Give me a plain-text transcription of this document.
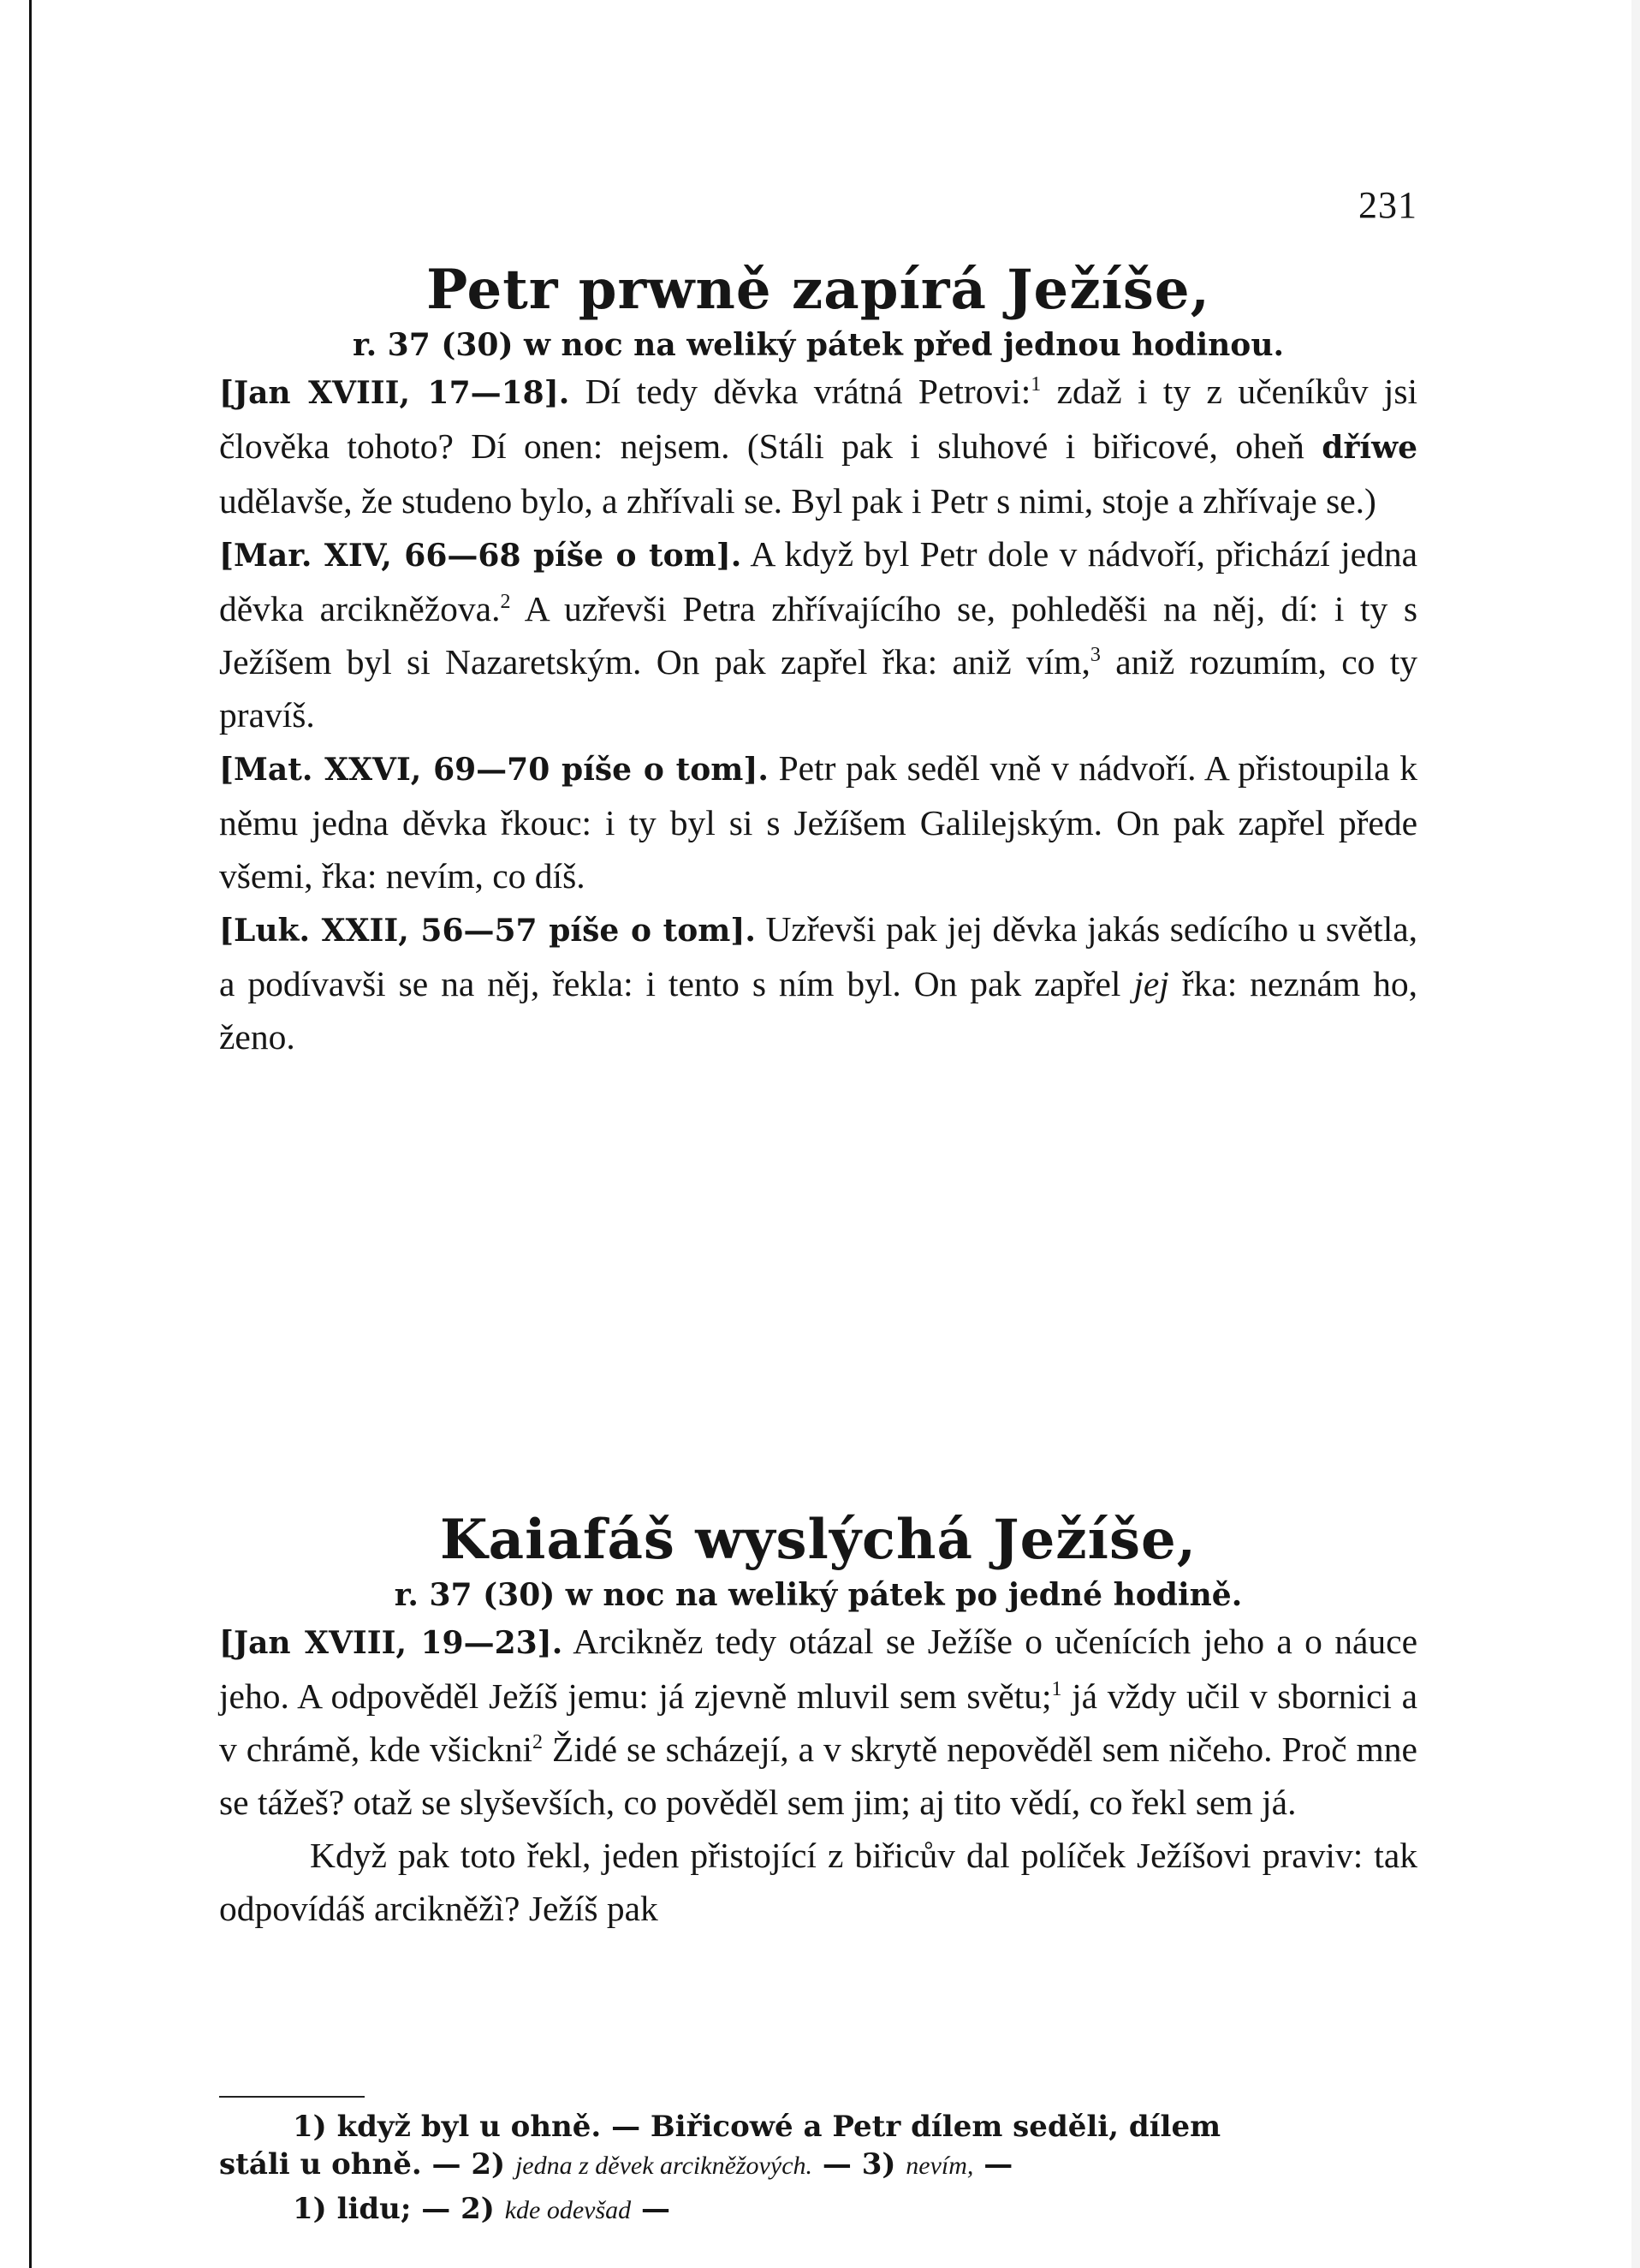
231
Petr prwně zapírá Ježíše,
r. 37 (30) w noc na weliký pátek před jednou hodinou.

[Jan XVIII, 17—18]. Dí tedy děvka vrátná Petrovi:$^1$ zdaž i ty z učeníkův jsi člověka tohoto? Dí onen: nejsem. (Stáli pak i sluhové i biřicové, oheň dříwe udělavše, že studeno bylo, a zhřívali se. Byl pak i Petr s nimi, stoje a zhřívaje se.)

[Mar. XIV, 66—68 píše o tom]. A když byl Petr dole v nádvoří, přichází jedna děvka arcikněžova.$^2$ A uzřevši Petra zhřívajícího se, pohleděši na něj, dí: i ty s Ježíšem byl si Nazaretským. On pak zapřel řka: aniž vím,$^3$ aniž rozumím, co ty pravíš.

[Mat. XXVI, 69—70 píše o tom]. Petr pak seděl vně v nádvoří. A přistoupila k němu jedna děvka řkouc: i ty byl si s Ježíšem Galilejským. On pak zapřel přede všemi, řka: nevím, co díš.

[Luk. XXII, 56—57 píše o tom]. Uzřevši pak jej děvka jakás sedícího u světla, a podívavši se na něj, řekla: i tento s ním byl. On pak zapřel jej řka: neznám ho, ženo.

Kaiafáš wyslýchá Ježíše,
r. 37 (30) w noc na weliký pátek po jedné hodině.

[Jan XVIII, 19—23]. Arcikněz tedy otázal se Ježíše o učenících jeho a o náuce jeho. A odpověděl Ježíš jemu: já zjevně mluvil sem světu;$^1$ já vždy učil v sbornici a v chrámě, kde všickni$^2$ Židé se scházejí, a v skrytě nepověděl sem ničeho. Proč mne se tážeš? otaž se slyševších, co pověděl sem jim; aj tito vědí, co řekl sem já.

Když pak toto řekl, jeden přistojící z biřicův dal políček Ježíšovi praviv: tak odpovídáš arcikněžì? Ježíš pak

1) když byl u ohně. — Biřicowé a Petr dílem seděli, dílem

stáli u ohně. — 2) jedna z děvek arcikněžových. — 3) nevím, —

1) lidu; — 2) kde odevšad —
